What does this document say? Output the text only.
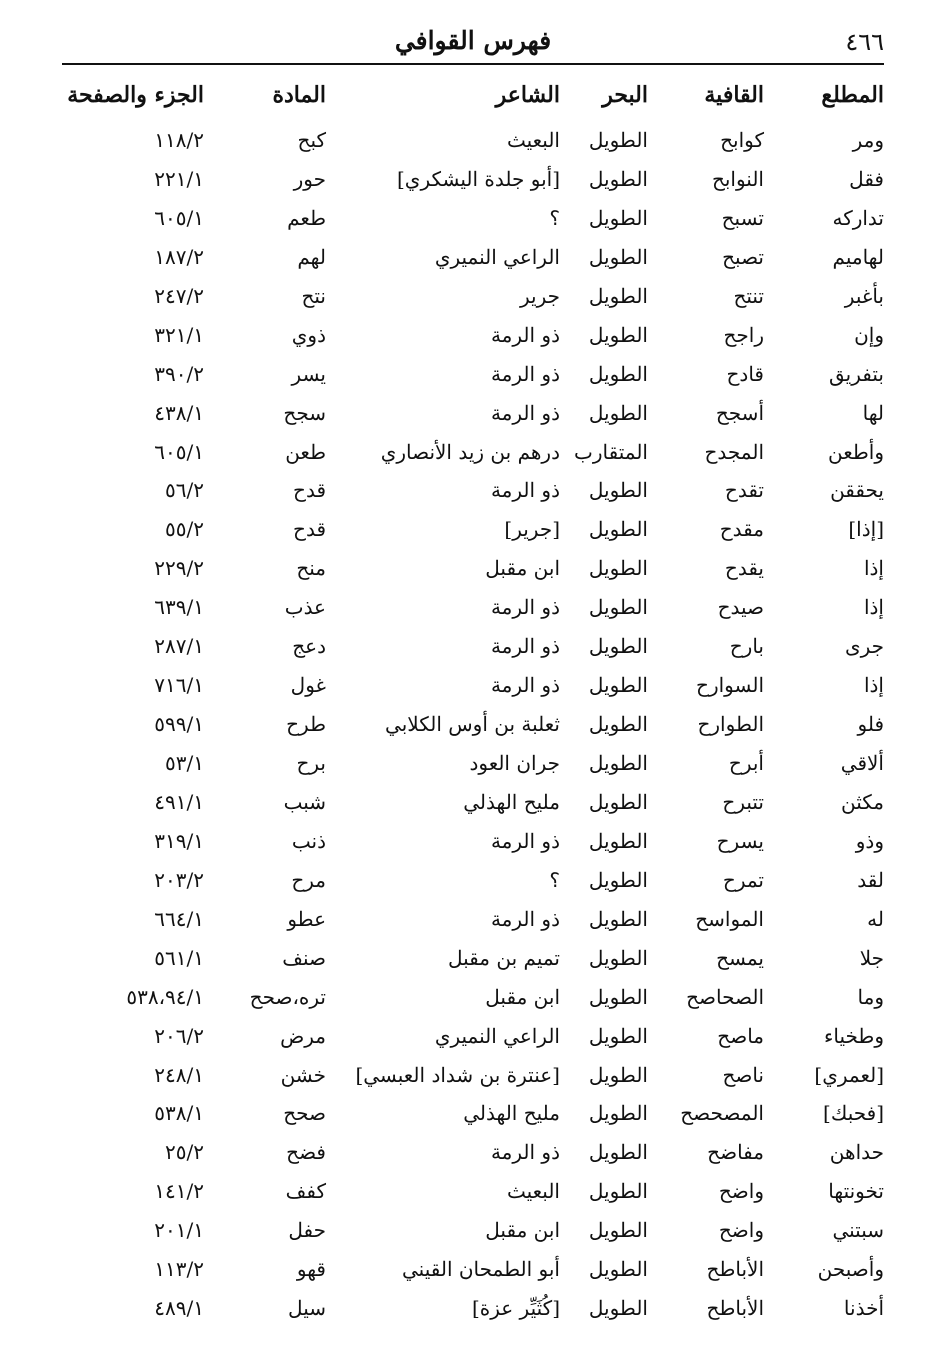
فهرس القوافي	٤٦٦
المطلع
القافية
البحر
الشاعر
المادة
الجزء والصفحة
ومر
كوابح
الطويل
البعيث
كبح
١١٨/٢
فقل
النوابح
الطويل
[أبو جلدة اليشكري]
حور
٢٢١/١
تداركه
تسبح
الطويل
؟
طعم
٦٠٥/١
لهاميم
تصبح
الطويل
الراعي النميري
لهم
١٨٧/٢
بأغبر
تنتح
الطويل
جرير
نتح
٢٤٧/٢
وإن
راجح
الطويل
ذو الرمة
ذوي
٣٢١/١
بتفريق
قادح
الطويل
ذو الرمة
يسر
٣٩٠/٢
لها
أسجح
الطويل
ذو الرمة
سجح
٤٣٨/١
وأطعن
المجدح
المتقارب
درهم بن زيد الأنصاري
طعن
٦٠٥/١
يحققن
تقدح
الطويل
ذو الرمة
قدح
٥٦/٢
[إذا]
مقدح
الطويل
[جرير]
قدح
٥٥/٢
إذا
يقدح
الطويل
ابن مقبل
منح
٢٢٩/٢
إذا
صيدح
الطويل
ذو الرمة
عذب
٦٣٩/١
جرى
بارح
الطويل
ذو الرمة
دعج
٢٨٧/١
إذا
السوارح
الطويل
ذو الرمة
غول
٧١٦/١
فلو
الطوارح
الطويل
ثعلبة بن أوس الكلابي
طرح
٥٩٩/١
ألاقي
أبرح
الطويل
جران العود
برح
٥٣/١
مكثن
تتبرح
الطويل
مليح الهذلي
شبب
٤٩١/١
وذو
يسرح
الطويل
ذو الرمة
ذنب
٣١٩/١
لقد
تمرح
الطويل
؟
مرح
٢٠٣/٢
له
المواسح
الطويل
ذو الرمة
عطو
٦٦٤/١
جلا
يمسح
الطويل
تميم بن مقبل
صنف
٥٦١/١
وما
الصحاصح
الطويل
ابن مقبل
تره،صحح
٥٣٨،٩٤/١
وطخياء
ماصح
الطويل
الراعي النميري
مرض
٢٠٦/٢
[لعمري]
ناصح
الطويل
[عنترة بن شداد العبسي]
خشن
٢٤٨/١
[فحبك]
المصحصح
الطويل
مليح الهذلي
صحح
٥٣٨/١
حداهن
مفاضح
الطويل
ذو الرمة
فضح
٢٥/٢
تخونتها
واضح
الطويل
البعيث
كفف
١٤١/٢
سبتني
واضح
الطويل
ابن مقبل
حفل
٢٠١/١
وأصبحن
الأباطح
الطويل
أبو الطمحان القيني
قهو
١١٣/٢
أخذنا
الأباطح
الطويل
[كُثَيِّر عزة]
سيل
٤٨٩/١
